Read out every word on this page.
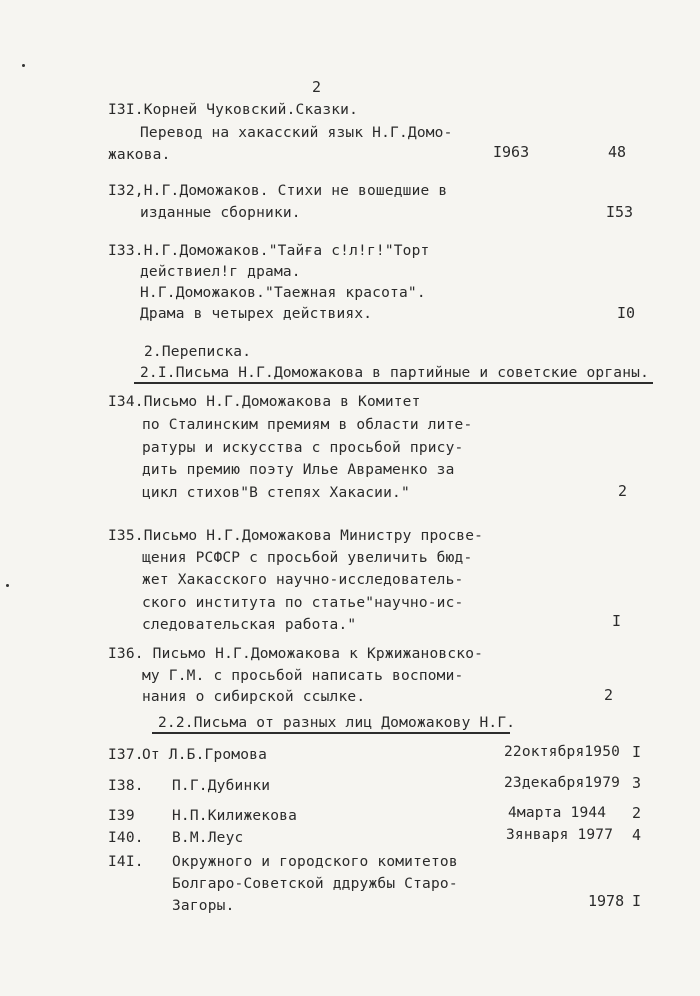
2
I3I.Корней Чуковский.Сказки.
Перевод на хакасский язык Н.Г.Домо-
жакова.	I963	48
I32,Н.Г.Доможаков. Стихи не вошедшие в
изданные сборники.	I53
I33.Н.Г.Доможаков."Тайға с!л!г!"Торт
действиел!г драма.
Н.Г.Доможаков."Таежная красота".
Драма в четырех действиях.	I0
2.Переписка.
2.I.Письма Н.Г.Доможакова в партийные и советские органы.
I34.Письмо Н.Г.Доможакова в Комитет
по Сталинским премиям в области лите-
ратуры и искусства с просьбой прису-
дить премию поэту Илье Авраменко за
цикл стихов"В степях Хакасии."	2
I35.Письмо Н.Г.Доможакова Министру просве-
щения РСФСР с просьбой увеличить бюд-
жет Хакасского научно-исследователь-
ского института по статье"научно-ис-
следовательская работа."	I
I36. Письмо Н.Г.Доможакова к Кржижановско-
му Г.М. с просьбой написать воспоми-
нания о сибирской ссылке.	2
2.2.Письма от разных лиц Доможакову Н.Г.
I37.
От Л.Б.Громова	22октября1950 I
I38. П.Г.Дубинки	23декабря1979 3
I39	Н.П.Килижекова	4марта 1944 2
I40. В.М.Леус	3января 1977 4
I4I. Окружного и городского комитетов
Болгаро-Советской ддружбы Старо-
Загоры.	1978 I
